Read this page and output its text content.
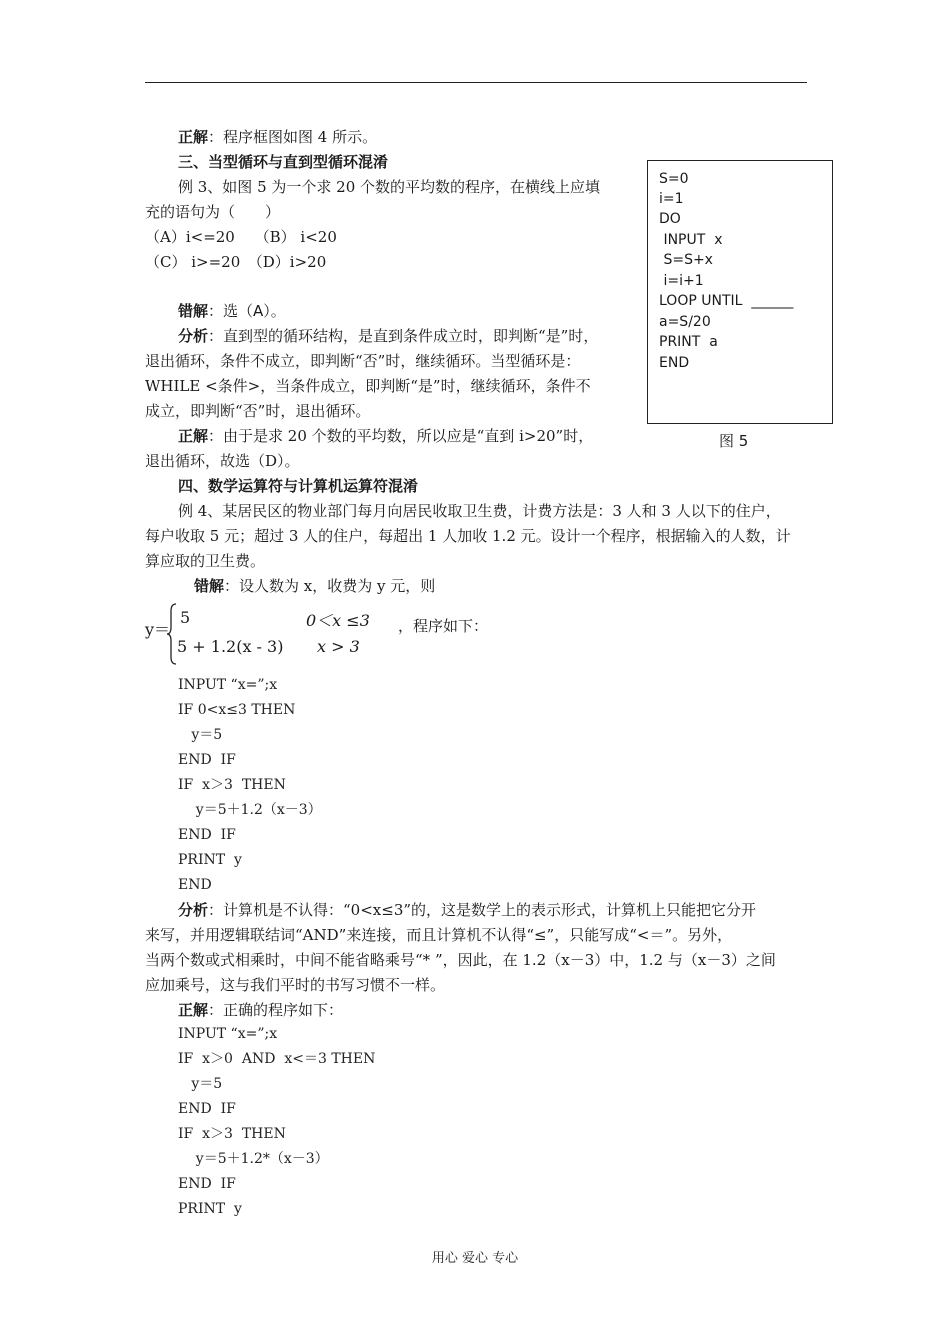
正解：程序框图如图 4 所示。
三、当型循环与直到型循环混淆
例 3、如图 5 为一个求 20 个数的平均数的程序，在横线上应填
充的语句为（　　）
（A）i<=20　 （B） i<20
（C） i>=20　（D）i>20
错解：选（A）。
分析：直到型的循环结构，是直到条件成立时，即判断“是”时，
退出循环，条件不成立，即判断“否”时，继续循环。当型循环是：
WHILE <条件>，当条件成立，即判断“是”时，继续循环，条件不
成立，即判断“否”时，退出循环。
正解：由于是求 20 个数的平均数，所以应是“直到 i>20”时，
退出循环，故选（D）。
S=0
i=1
DO
INPUT  x
S=S+x
i=i+1
LOOP UNTIL  ______
a=S/20
PRINT  a
END
图 5
四、数学运算符与计算机运算符混淆
例 4、某居民区的物业部门每月向居民收取卫生费，计费方法是：3 人和 3 人以下的住户，
每户收取 5 元；超过 3 人的住户，每超出 1 人加收 1.2 元。设计一个程序，根据输入的人数，计
算应取的卫生费。
错解：设人数为 x，收费为 y 元，则
y＝
5	0＜x ≤3
5 + 1.2(x - 3) x > 3
，程序如下：
INPUT “x=”;x
IF 0<x≤3 THEN
y＝5
END  IF
IF  x＞3  THEN
y＝5＋1.2（x－3）
END  IF
PRINT  y
END
分析：计算机是不认得：“0<x≤3”的，这是数学上的表示形式，计算机上只能把它分开
来写，并用逻辑联结词“AND”来连接，而且计算机不认得“≤”，只能写成“<＝”。另外，
当两个数或式相乘时，中间不能省略乘号“* ”，因此，在 1.2（x－3）中，1.2 与（x－3）之间
应加乘号，这与我们平时的书写习惯不一样。
正解：正确的程序如下：
INPUT “x=”;x
IF  x＞0  AND  x<＝3 THEN
y＝5
END  IF
IF  x＞3  THEN
y＝5＋1.2*（x－3）
END  IF
PRINT  y
用心 爱心 专心
